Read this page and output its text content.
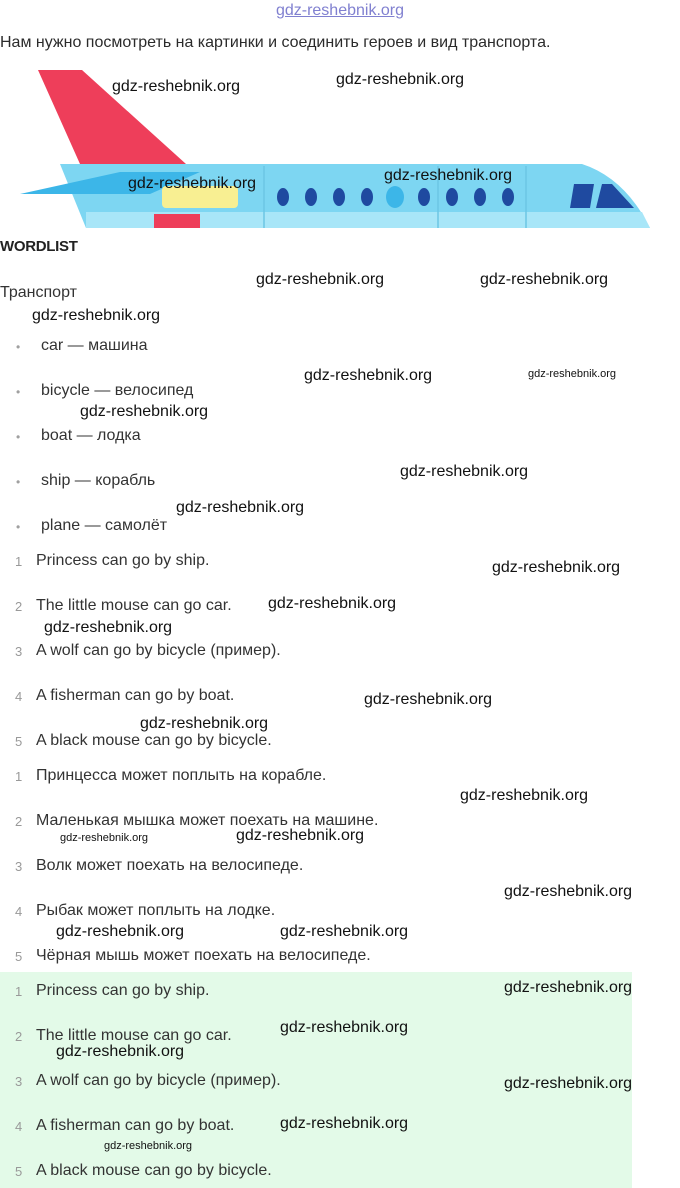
gdz-reshebnik.org
Нам нужно посмотреть на картинки и соединить героев и вид транспорта.
WORDLIST
Транспорт
• car — машина
• bicycle — велосипед
• boat — лодка
• ship — корабль
• plane — самолёт
1 Princess can go by ship.
2 The little mouse can go car.
3 A wolf can go by bicycle (пример).
4 A fisherman can go by boat.
5 A black mouse can go by bicycle.
1 Принцесса может поплыть на корабле.
2 Маленькая мышка может поехать на машине.
3 Волк может поехать на велосипеде.
4 Рыбак может поплыть на лодке.
5 Чёрная мышь может поехать на велосипеде.
1 Princess can go by ship.
2 The little mouse can go car.
3 A wolf can go by bicycle (пример).
4 A fisherman can go by boat.
5 A black mouse can go by bicycle.
gdz-reshebnik.org	gdz-reshebnik.org
gdz-reshebnik.org	gdz-reshebnik.org
gdz-reshebnik.org	gdz-reshebnik.org
gdz-reshebnik.org
gdz-reshebnik.org	gdz-reshebnik.org
gdz-reshebnik.org
gdz-reshebnik.org
gdz-reshebnik.org
gdz-reshebnik.org
gdz-reshebnik.org
gdz-reshebnik.org
gdz-reshebnik.org
gdz-reshebnik.org
gdz-reshebnik.org
gdz-reshebnik.org	gdz-reshebnik.org
gdz-reshebnik.org
gdz-reshebnik.org	gdz-reshebnik.org
gdz-reshebnik.org
gdz-reshebnik.org
gdz-reshebnik.org
gdz-reshebnik.org
gdz-reshebnik.org
gdz-reshebnik.org
